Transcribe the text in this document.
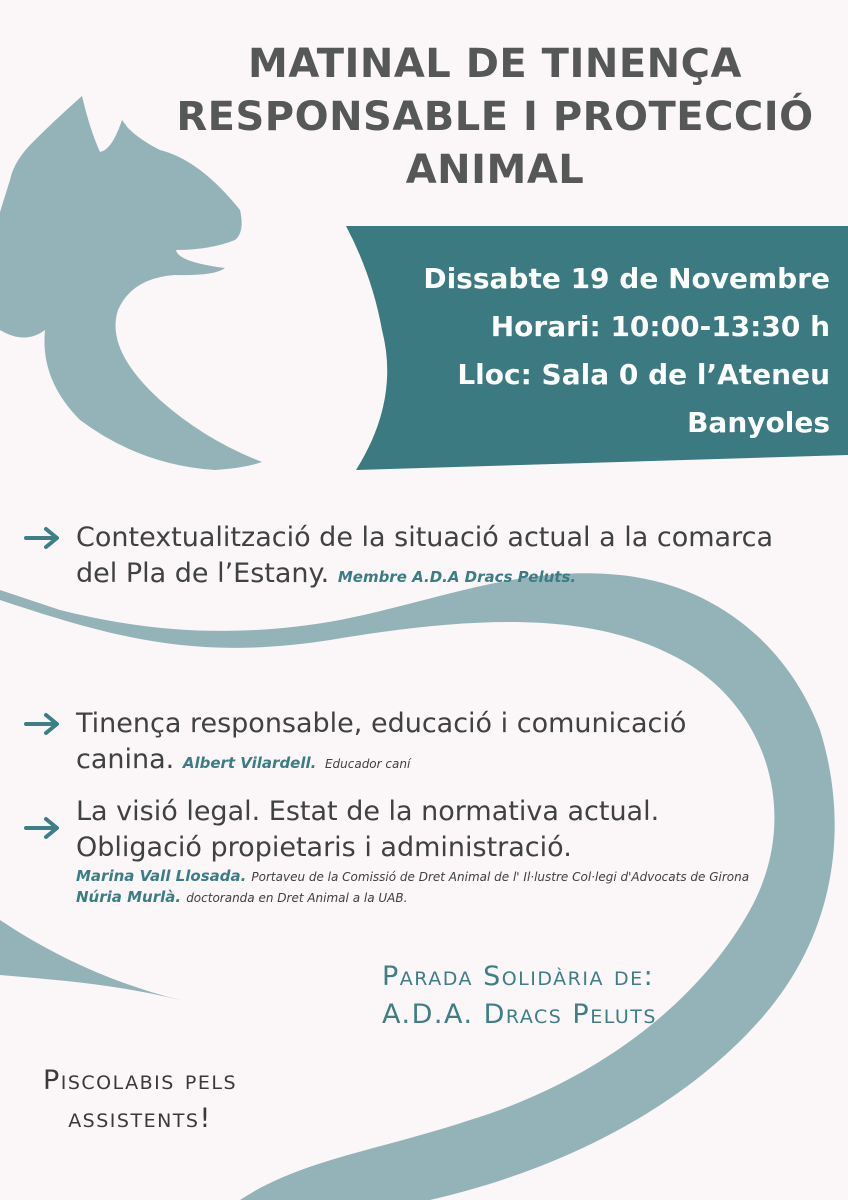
MATINAL DE TINENÇA
RESPONSABLE I PROTECCIÓ
ANIMAL
Dissabte 19 de Novembre
Horari: 10:00-13:30 h
Lloc: Sala 0 de l’Ateneu
Banyoles
Contextualització de la situació actual a la comarca
del Pla de l’Estany. Membre A.D.A Dracs Peluts.
Tinença responsable, educació i comunicació
canina. Albert Vilardell. Educador caní
La visió legal. Estat de la normativa actual.
Obligació propietaris i administració.
Marina Vall Llosada. Portaveu de la Comissió de Dret Animal de l' Il·lustre Col·legi d'Advocats de Girona
Núria Murlà. doctoranda en Dret Animal a la UAB.
Parada Solidària de:
A.D.A. Dracs Peluts
Piscolabis pels
assistents!
